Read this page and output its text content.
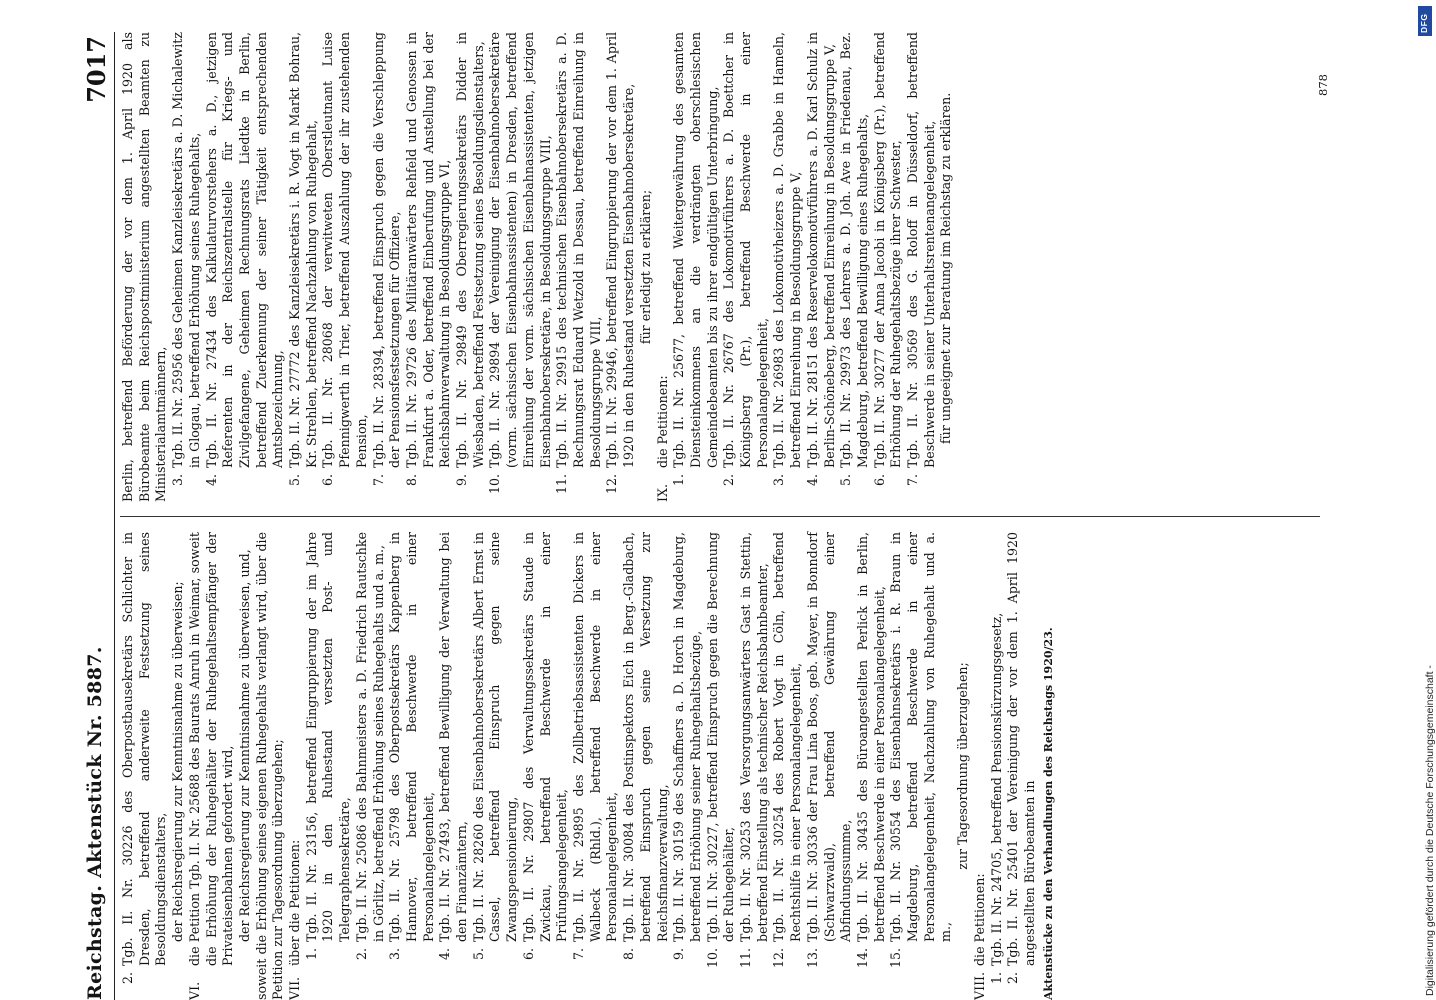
Reichstag. Aktenstück Nr. 5887.
7017
2.
Tgb. II. Nr. 30226 des Oberpostbausekretärs Schlichter in Dresden, betreffend anderweite Festsetzung seines Besoldungsdienstalters, der Reichsregierung zur Kenntnisnahme zu überweisen;

VI.
die Petition Tgb. II. Nr. 25688 des Baurats Anruh in Weimar, soweit die Erhöhung der Ruhegehälter der Ruhegehaltsempfänger der Privateisenbahnen gefordert wird, der Reichsregierung zur Kenntnisnahme zu überweisen, und, soweit die Erhöhung seines eigenen Ruhegehalts verlangt wird, über die Petition zur Tagesordnung überzugehen; VII.
über die Petitionen: 1.
Tgb. II. Nr. 23156, betreffend Eingruppierung der im Jahre 1920 in den Ruhestand versetzten Post- und Telegraphensekretäre,
2.
Tgb. II. Nr. 25086 des Bahnmeisters a. D. Friedrich Rautschke in Görlitz, betreffend Erhöhung seines Ruhegehalts und a. m.,
3.
Tgb. II. Nr. 25798 des Oberpostsekretärs Kappenberg in Hannover, betreffend Beschwerde in einer Personalangelegenheit,
4.
Tgb. II. Nr. 27493, betreffend Bewilligung der Verwaltung bei den Finanzämtern,
5.
Tgb. II. Nr. 28260 des Eisenbahnobersekretärs Albert Ernst in Cassel, betreffend Einspruch gegen seine Zwangspensionierung,
6.
Tgb. II. Nr. 29807 des Verwaltungssekretärs Staude in Zwickau, betreffend Beschwerde in einer Prüfungsangelegenheit,
7.
Tgb. II. Nr. 29895 des Zollbetriebsassistenten Dickers in Walbeck (Rhld.), betreffend Beschwerde in einer Personalangelegenheit,
8.
Tgb. II. Nr. 30084 des Postinspektors Eich in Berg.-Gladbach, betreffend Einspruch gegen seine Versetzung zur Reichsfinanzverwaltung,
9.
Tgb. II. Nr. 30159 des Schaffners a. D. Horch in Magdeburg, betreffend Erhöhung seiner Ruhegehaltsbezüge,
10.
Tgb. II. Nr. 30227, betreffend Einspruch gegen die Berechnung der Ruhegehälter,
11.
Tgb. II. Nr. 30253 des Versorgungsanwärters Gast in Stettin, betreffend Einstellung als technischer Reichsbahnbeamter,
12.
Tgb. II. Nr. 30254 des Robert Vogt in Cöln, betreffend Rechtshilfe in einer Personalangelegenheit,
13.
Tgb. II. Nr. 30336 der Frau Lina Boos, geb. Mayer, in Bonndorf (Schwarzwald), betreffend Gewährung einer Abfindungssumme,
14.
Tgb. II. Nr. 30435 des Büroangestellten Perlick in Berlin, betreffend Beschwerde in einer Personalangelegenheit,
15.
Tgb. II. Nr. 30554 des Eisenbahnsekretärs i. R. Braun in Magdeburg, betreffend Beschwerde in einer Personalangelegenheit, Nachzahlung von Ruhegehalt und a. m.,

zur Tagesordnung überzugehen;

VIII.
die Petitionen:
1.
Tgb. II. Nr. 24705, betreffend Pensionskürzungsgesetz,
2.
Tgb. II. Nr. 25401 der Vereinigung der vor dem 1. April 1920 angestellten Bürobeamten in Aktenstücke zu den Verhandlungen des Reichstags 1920/23.

Berlin, betreffend Beförderung der vor dem 1. April 1920 als Bürobeamte beim Reichspostministerium angestellten Beamten zu Ministerialamtmännern, 3.
Tgb. II. Nr. 25956 des Geheimen Kanzleisekretärs a. D. Michalewitz in Glogau, betreffend Erhöhung seines Ruhegehalts,
4.
Tgb. II. Nr. 27434 des Kalkulaturvorstehers a. D., jetzigen Referenten in der Reichszentralstelle für Kriegs- und Zivilgefangene, Geheimen Rechnungsrats Liedtke in Berlin, betreffend Zuerkennung der seiner Tätigkeit entsprechenden Amtsbezeichnung,
5.
Tgb. II. Nr. 27772 des Kanzleisekretärs i. R. Vogt in Markt Bohrau, Kr. Strehlen, betreffend Nachzahlung von Ruhegehalt,
6.
Tgb. II. Nr. 28068 der verwitweten Oberstleutnant Luise Pfennigwerth in Trier, betreffend Auszahlung der ihr zustehenden Pension,
7.
Tgb. II. Nr. 28394, betreffend Einspruch gegen die Verschleppung der Pensionsfestsetzungen für Offiziere,
8.
Tgb. II. Nr. 29726 des Militäranwärters Rehfeld und Genossen in Frankfurt a. Oder, betreffend Einberufung und Anstellung bei der Reichsbahnverwaltung in Besoldungsgruppe VI,
9.
Tgb. II. Nr. 29849 des Oberregierungssekretärs Didder in Wiesbaden, betreffend Festsetzung seines Besoldungsdienstalters,
10.
Tgb. II. Nr. 29894 der Vereinigung der Eisenbahnobersekretäre (vorm. sächsischen Eisenbahnassistenten) in Dresden, betreffend Einreihung der vorm. sächsischen Eisenbahnassistenten, jetzigen Eisenbahnobersekretäre, in Besoldungsgruppe VIII,
11.
Tgb. II. Nr. 29915 des technischen Eisenbahnobersekretärs a. D. Rechnungsrat Eduard Wetzold in Dessau, betreffend Einreihung in Besoldungsgruppe VIII,
12.
Tgb. II. Nr. 29946, betreffend Eingruppierung der vor dem 1. April 1920 in den Ruhestand versetzten Eisenbahnobersekretäre, für erledigt zu erklären;

IX.
die Petitionen:
1.
Tgb. II. Nr. 25677, betreffend Weitergewährung des gesamten Diensteinkommens an die verdrängten oberschlesischen Gemeindebeamten bis zu ihrer endgültigen Unterbringung,
2.
Tgb. II. Nr. 26767 des Lokomotivführers a. D. Boettcher in Königsberg (Pr.), betreffend Beschwerde in einer Personalangelegenheit,
3.
Tgb. II. Nr. 26983 des Lokomotivheizers a. D. Grabbe in Hameln, betreffend Einreihung in Besoldungsgruppe V,
4.
Tgb. II. Nr. 28151 des Reservelokomotivführers a. D. Karl Schulz in Berlin-Schöneberg, betreffend Einreihung in Besoldungsgruppe V,
5.
Tgb. II. Nr. 29973 des Lehrers a. D. Joh. Ave in Friedenau, Bez. Magdeburg, betreffend Bewilligung eines Ruhegehalts,
6.
Tgb. II. Nr. 30277 der Anna Jacobi in Königsberg (Pr.), betreffend Erhöhung der Ruhegehaltsbezüge ihrer Schwester,
7.
Tgb. II. Nr. 30569 des G. Roloff in Düsseldorf, betreffend Beschwerde in seiner Unterhaltsrentenangelegenheit, für ungeeignet zur Beratung im Reichstag zu erklären.

878
Digitalisierung gefördert durch die Deutsche Forschungsgemeinschaft -
DFG
